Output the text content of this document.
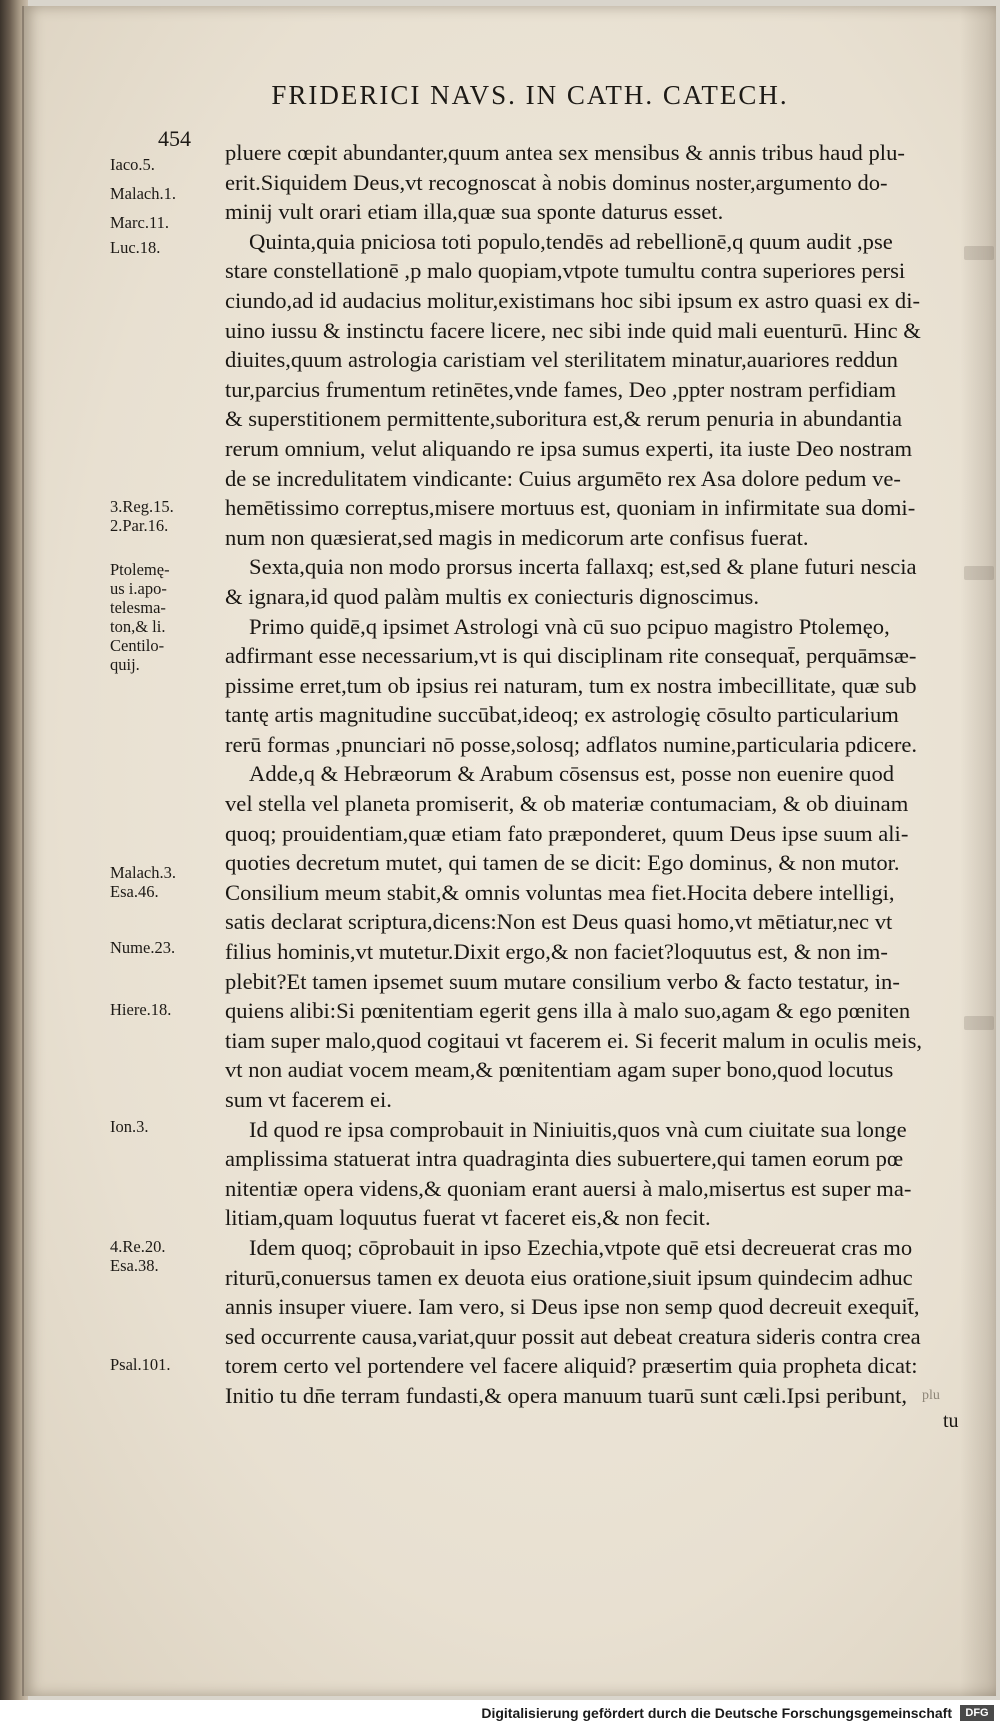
FRIDERICI NAVS. IN CATH. CATECH.
454
Iaco.5.
Malach.1.
Marc.11.
Luc.18.
3.Reg.15.
2.Par.16.
Ptolemę-
us i.apo-
telesma-
ton,& li.
Centilo-
quij.
Malach.3.
Esa.46.
Nume.23.
Hiere.18.
Ion.3.
4.Re.20.
Esa.38.
Psal.101.
pluere cœpit abundanter,quum antea sex mensibus & annis tribus haud plu-
erit.Siquidem Deus,vt recognoscat à nobis dominus noster,argumento do-
minij vult orari etiam illa,quæ sua sponte daturus esset.
Quinta,quia pniciosa toti populo,tendēs ad rebellionē,q quum audit ,pse
stare constellationē ,p malo quopiam,vtpote tumultu contra superiores persi
ciundo,ad id audacius molitur,existimans hoc sibi ipsum ex astro quasi ex di-
uino iussu & instinctu facere licere, nec sibi inde quid mali euenturū. Hinc &
diuites,quum astrologia caristiam vel sterilitatem minatur,auariores reddun
tur,parcius frumentum retinētes,vnde fames, Deo ,ppter nostram perfidiam
& superstitionem permittente,suboritura est,& rerum penuria in abundantia
rerum omnium, velut aliquando re ipsa sumus experti, ita iuste Deo nostram
de se incredulitatem vindicante: Cuius argumēto rex Asa dolore pedum ve-
hemētissimo correptus,misere mortuus est, quoniam in infirmitate sua domi-
num non quæsierat,sed magis in medicorum arte confisus fuerat.
Sexta,quia non modo prorsus incerta fallaxq; est,sed & plane futuri nescia
& ignara,id quod palàm multis ex coniecturis dignoscimus.
Primo quidē,q ipsimet Astrologi vnà cū suo pcipuo magistro Ptolemęo,
adfirmant esse necessarium,vt is qui disciplinam rite consequat̄, perquāmsæ-
pissime erret,tum ob ipsius rei naturam, tum ex nostra imbecillitate, quæ sub
tantę artis magnitudine succūbat,ideoq; ex astrologię cōsulto particularium
rerū formas ,pnunciari nō posse,solosq; adflatos numine,particularia pdicere.
Adde,q & Hebræorum & Arabum cōsensus est, posse non euenire quod
vel stella vel planeta promiserit, & ob materiæ contumaciam, & ob diuinam
quoq; prouidentiam,quæ etiam fato præponderet, quum Deus ipse suum ali-
quoties decretum mutet, qui tamen de se dicit: Ego dominus, & non mutor.
Consilium meum stabit,& omnis voluntas mea fiet.Hocita debere intelligi,
satis declarat scriptura,dicens:Non est Deus quasi homo,vt mētiatur,nec vt
filius hominis,vt mutetur.Dixit ergo,& non faciet?loquutus est, & non im-
plebit?Et tamen ipsemet suum mutare consilium verbo & facto testatur, in-
quiens alibi:Si pœnitentiam egerit gens illa à malo suo,agam & ego pœniten
tiam super malo,quod cogitaui vt facerem ei. Si fecerit malum in oculis meis,
vt non audiat vocem meam,& pœnitentiam agam super bono,quod locutus
sum vt facerem ei.
Id quod re ipsa comprobauit in Niniuitis,quos vnà cum ciuitate sua longe
amplissima statuerat intra quadraginta dies subuertere,qui tamen eorum pœ
nitentiæ opera videns,& quoniam erant auersi à malo,misertus est super ma-
litiam,quam loquutus fuerat vt faceret eis,& non fecit.
Idem quoq; cōprobauit in ipso Ezechia,vtpote quē etsi decreuerat cras mo
riturū,conuersus tamen ex deuota eius oratione,siuit ipsum quindecim adhuc
annis insuper viuere. Iam vero, si Deus ipse non semp quod decreuit exequit̄,
sed occurrente causa,variat,quur possit aut debeat creatura sideris contra crea
torem certo vel portendere vel facere aliquid? præsertim quia propheta dicat:
Initio tu dn̄e terram fundasti,& opera manuum tuarū sunt cæli.Ipsi peribunt,	plu
tu
Digitalisierung gefördert durch die Deutsche Forschungsgemeinschaft	DFG
